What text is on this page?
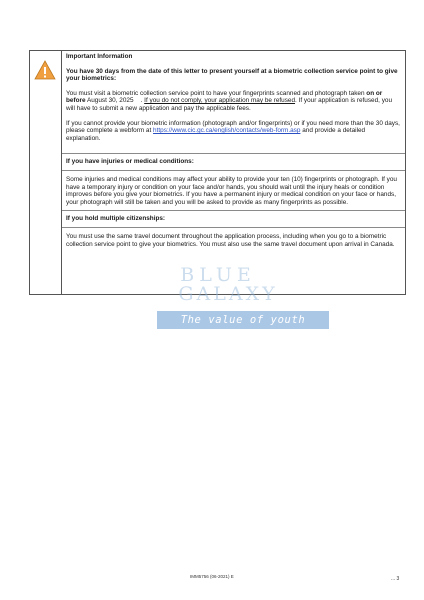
Important Information

You have 30 days from the date of this letter to present yourself at a biometric collection service point to give your biometrics:

You must visit a biometric collection service point to have your fingerprints scanned and photograph taken on or before August 30, 2025    . If you do not comply, your application may be refused. If your application is refused, you will have to submit a new application and pay the applicable fees.

If you cannot provide your biometric information (photograph and/or fingerprints) or if you need more than the 30 days, please complete a webform at https://www.cic.gc.ca/english/contacts/web-form.asp and provide a detailed explanation.

If you have injuries or medical conditions:

Some injuries and medical conditions may affect your ability to provide your ten (10) fingerprints or photograph. If you have a temporary injury or condition on your face and/or hands, you should wait until the injury heals or condition improves before you give your biometrics. If you have a permanent injury or medical condition on your face or hands, your photograph will still be taken and you will be asked to provide as many fingerprints as possible.

If you hold multiple citizenships:

You must use the same travel document throughout the application process, including when you go to a biometric collection service point to give your biometrics. You must also use the same travel document upon arrival in Canada.

BLUE
GALAXY
The value of youth
IMM5756 (06-2021) E	... 3
